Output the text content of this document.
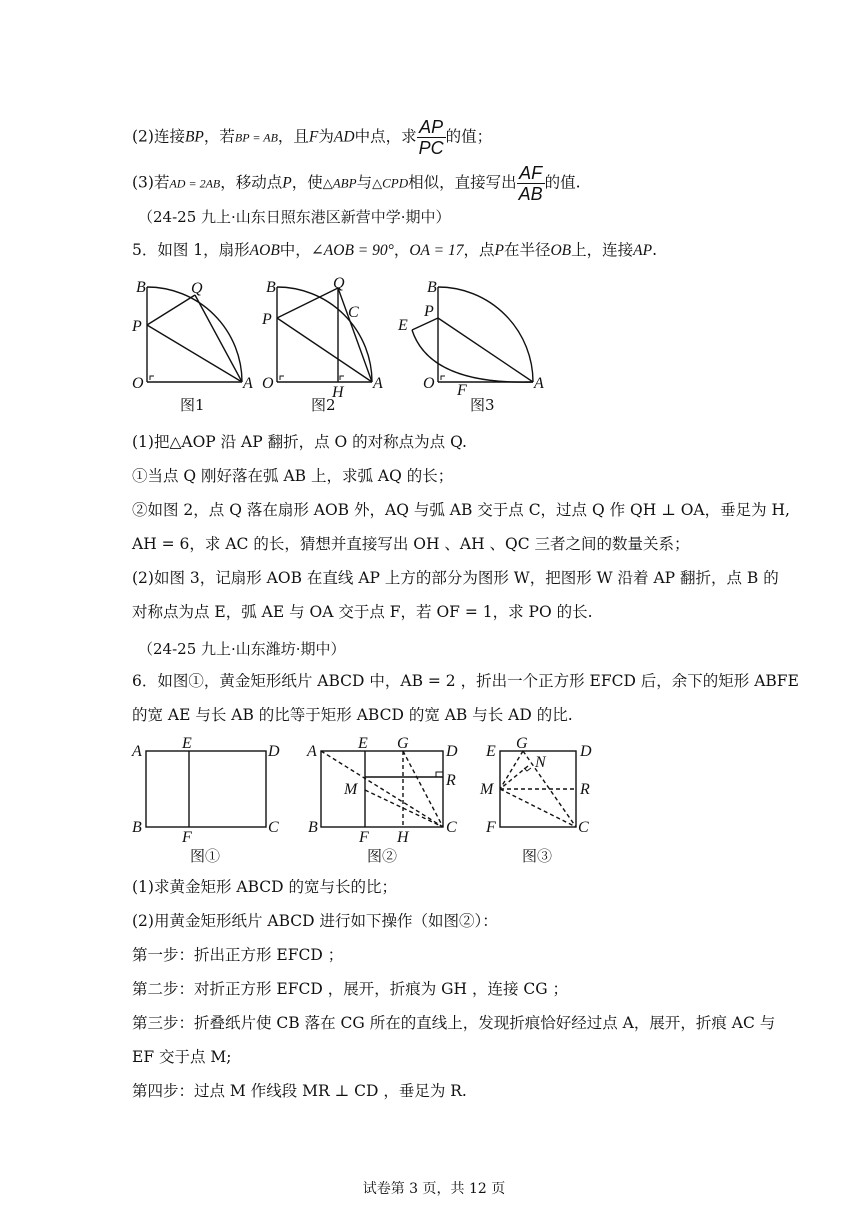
(2)连接BP，若BP = AB，且F为AD中点，求 $\frac{AP}{PC}$ 的值；
(3)若AD = 2AB，移动点P，使△ABP与△CPD相似，直接写出 $\frac{AF}{AB}$ 的值.
（24-25 九上·山东日照东港区新营中学·期中）
5．如图 1，扇形AOB中，∠AOB = 90°，OA = 17，点P在半径OB上，连接AP.
B	Q
P
O	A
图1
B	Q
C
P
O
H
A
图2
B
P
E
O F	A
图3
(1)把△AOP 沿 AP 翻折，点 O 的对称点为点 Q.
①当点 Q 刚好落在弧 AB 上，求弧 AQ 的长；
②如图 2，点 Q 落在扇形 AOB 外，AQ 与弧 AB 交于点 C，过点 Q 作 QH ⊥ OA，垂足为 H,
AH = 6，求 AC 的长，猜想并直接写出 OH 、AH 、QC 三者之间的数量关系；
(2)如图 3，记扇形 AOB 在直线 AP 上方的部分为图形 W，把图形 W 沿着 AP 翻折，点 B 的
对称点为点 E，弧 AE 与 OA 交于点 F，若 OF = 1，求 PO 的长.
（24-25 九上·山东潍坊·期中）
6．如图①，黄金矩形纸片 ABCD 中，AB = 2 ，折出一个正方形 EFCD 后，余下的矩形 ABFE
的宽 AE 与长 AB 的比等于矩形 ABCD 的宽 AB 与长 AD 的比.
A	E	D
B
F
C
图①
A	E G D
R
M
B
F H
C
图②
E G
N
D
M	R
F	C
图③
(1)求黄金矩形 ABCD 的宽与长的比；
(2)用黄金矩形纸片 ABCD 进行如下操作（如图②）：
第一步：折出正方形 EFCD ；
第二步：对折正方形 EFCD ，展开，折痕为 GH ，连接 CG ；
第三步：折叠纸片使 CB 落在 CG 所在的直线上，发现折痕恰好经过点 A，展开，折痕 AC 与
EF 交于点 M;
第四步：过点 M 作线段 MR ⊥ CD ，垂足为 R.
试卷第 3 页，共 12 页
